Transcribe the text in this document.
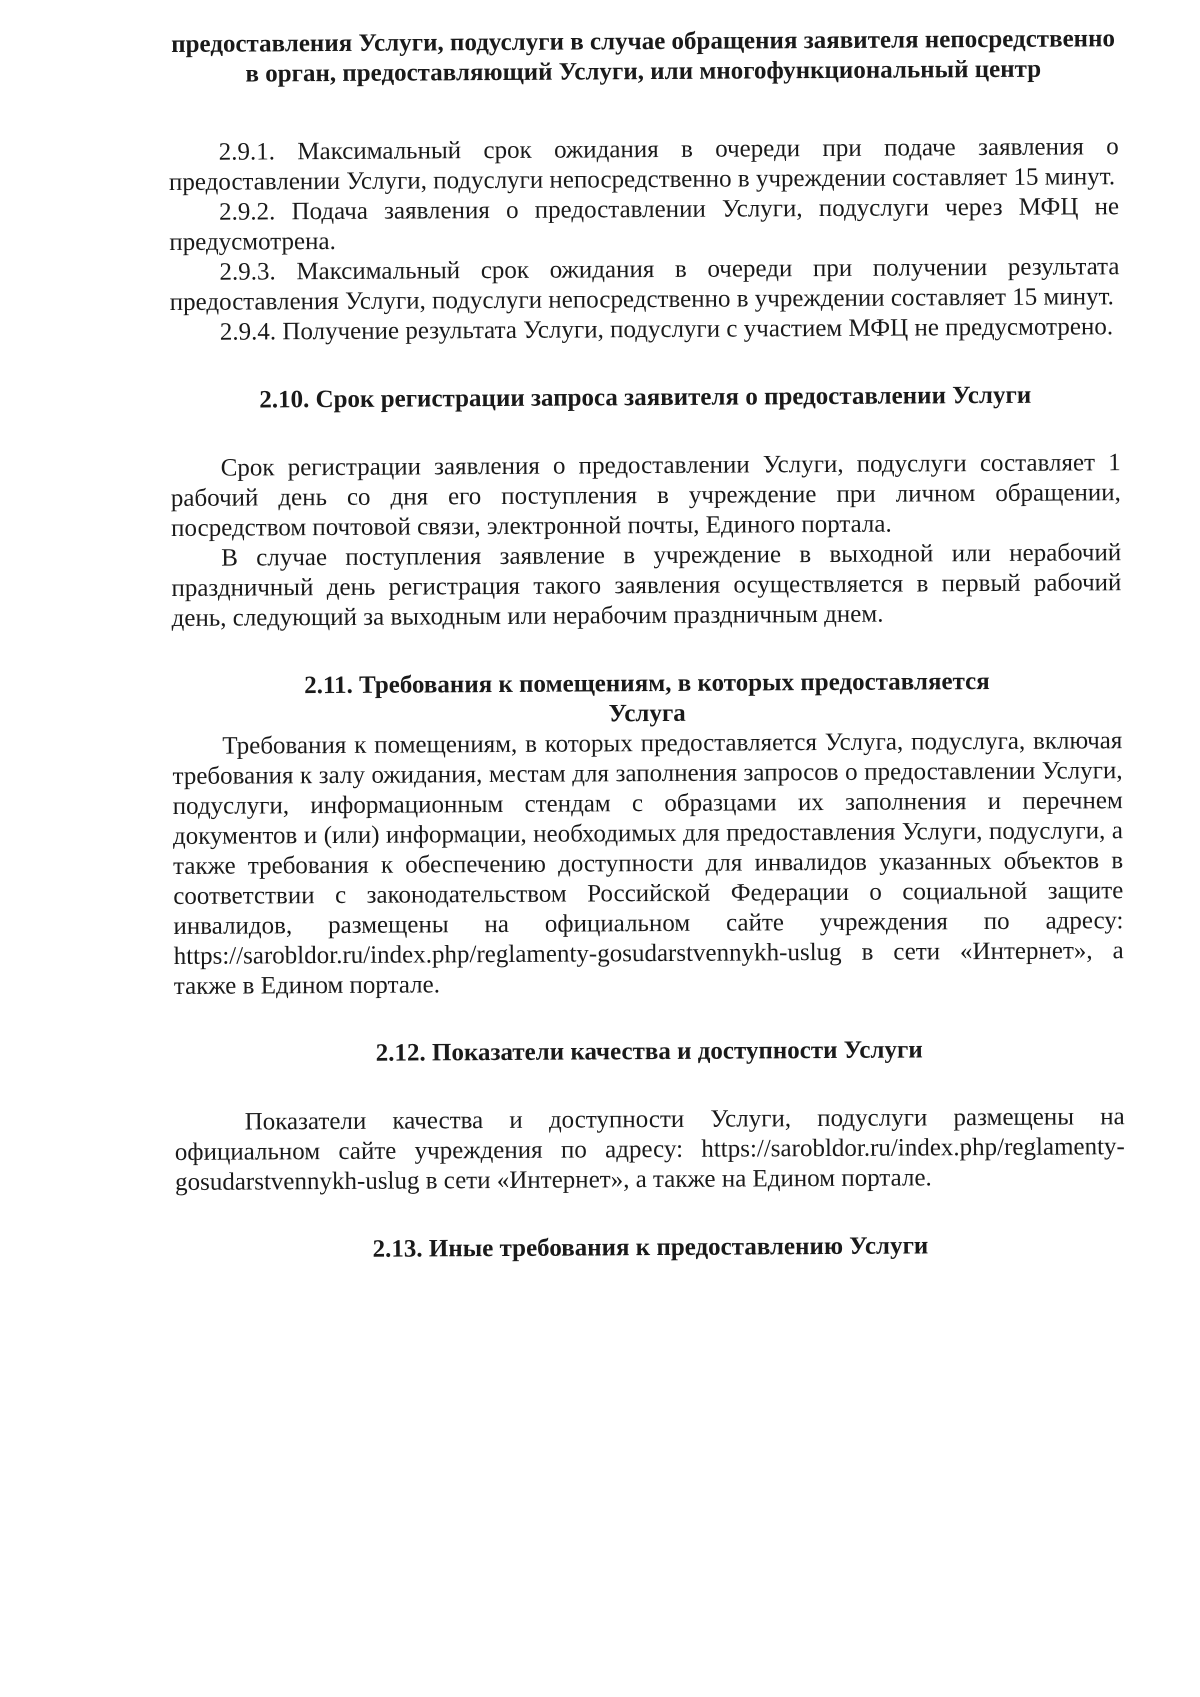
предоставления Услуги, подуслуги в случае обращения заявителя непосредственно в орган, предоставляющий Услуги, или многофункциональный центр

2.9.1. Максимальный срок ожидания в очереди при подаче заявления о предоставлении Услуги, подуслуги непосредственно в учреждении составляет 15 минут.

2.9.2. Подача заявления о предоставлении Услуги, подуслуги через МФЦ не предусмотрена.

2.9.3. Максимальный срок ожидания в очереди при получении результата предоставления Услуги, подуслуги непосредственно в учреждении составляет 15 минут.

2.9.4. Получение результата Услуги, подуслуги с участием МФЦ не предусмотрено.

2.10. Срок регистрации запроса заявителя о предоставлении Услуги

Срок регистрации заявления о предоставлении Услуги, подуслуги составляет 1 рабочий день со дня его поступления в учреждение при личном обращении, посредством почтовой связи, электронной почты, Единого портала.

В случае поступления заявление в учреждение в выходной или нерабочий праздничный день регистрация такого заявления осуществляется в первый рабочий день, следующий за выходным или нерабочим праздничным днем.

2.11. Требования к помещениям, в которых предоставляется Услуга

Требования к помещениям, в которых предоставляется Услуга, подуслуга, включая требования к залу ожидания, местам для заполнения запросов о предоставлении Услуги, подуслуги, информационным стендам с образцами их заполнения и перечнем документов и (или) информации, необходимых для предоставления Услуги, подуслуги, а также требования к обеспечению доступности для инвалидов указанных объектов в соответствии с законодательством Российской Федерации о социальной защите инвалидов, размещены на официальном сайте учреждения по адресу: https://sarobldor.ru/index.php/reglamenty-gosudarstvennykh-uslug в сети «Интернет», а также в Едином портале.

2.12. Показатели качества и доступности Услуги

Показатели качества и доступности Услуги, подуслуги размещены на официальном сайте учреждения по адресу: https://sarobldor.ru/index.php/reglamenty-gosudarstvennykh-uslug в сети «Интернет», а также на Едином портале.

2.13. Иные требования к предоставлению Услуги
